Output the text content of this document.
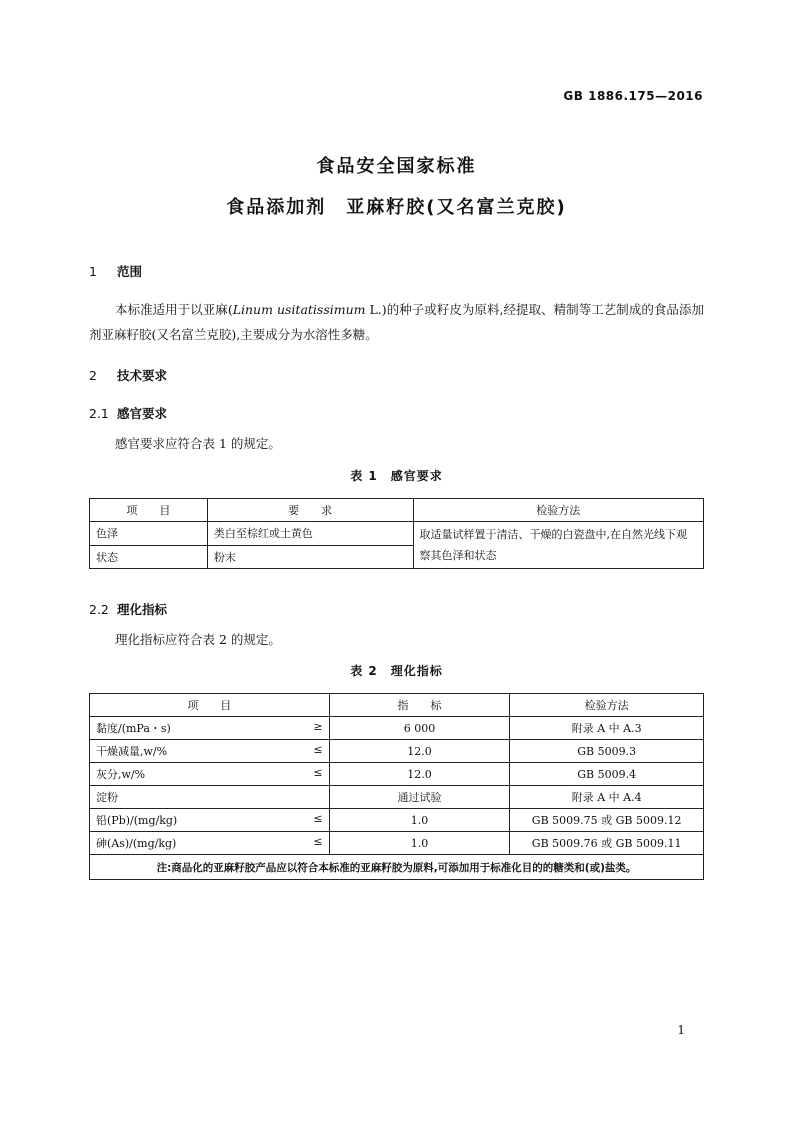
GB 1886.175—2016
食品安全国家标准
食品添加剂　亚麻籽胶(又名富兰克胶)
1 范围
本标准适用于以亚麻(Linum usitatissimum L.)的种子或籽皮为原料,经提取、精制等工艺制成的食品添加剂亚麻籽胶(又名富兰克胶),主要成分为水溶性多糖。
2 技术要求
2.1 感官要求
感官要求应符合表 1 的规定。
表 1　感官要求
项　　目	要　　求	检验方法
色泽	类白至棕红或土黄色	取适量试样置于清洁、干燥的白瓷盘中,在自然光线下观察其色泽和状态
状态	粉末	
2.2 理化指标
理化指标应符合表 2 的规定。
表 2　理化指标
项　　目	指　　标	检验方法
黏度/(mPa・s) ≥	6 000	附录 A 中 A.3
干燥减量,w/% ≤	12.0	GB 5009.3
灰分,w/% ≤	12.0	GB 5009.4
淀粉	通过试验	附录 A 中 A.4
铅(Pb)/(mg/kg) ≤	1.0	GB 5009.75 或 GB 5009.12
砷(As)/(mg/kg) ≤	1.0	GB 5009.76 或 GB 5009.11
注:商品化的亚麻籽胶产品应以符合本标准的亚麻籽胶为原料,可添加用于标准化目的的糖类和(或)盐类。		
1
